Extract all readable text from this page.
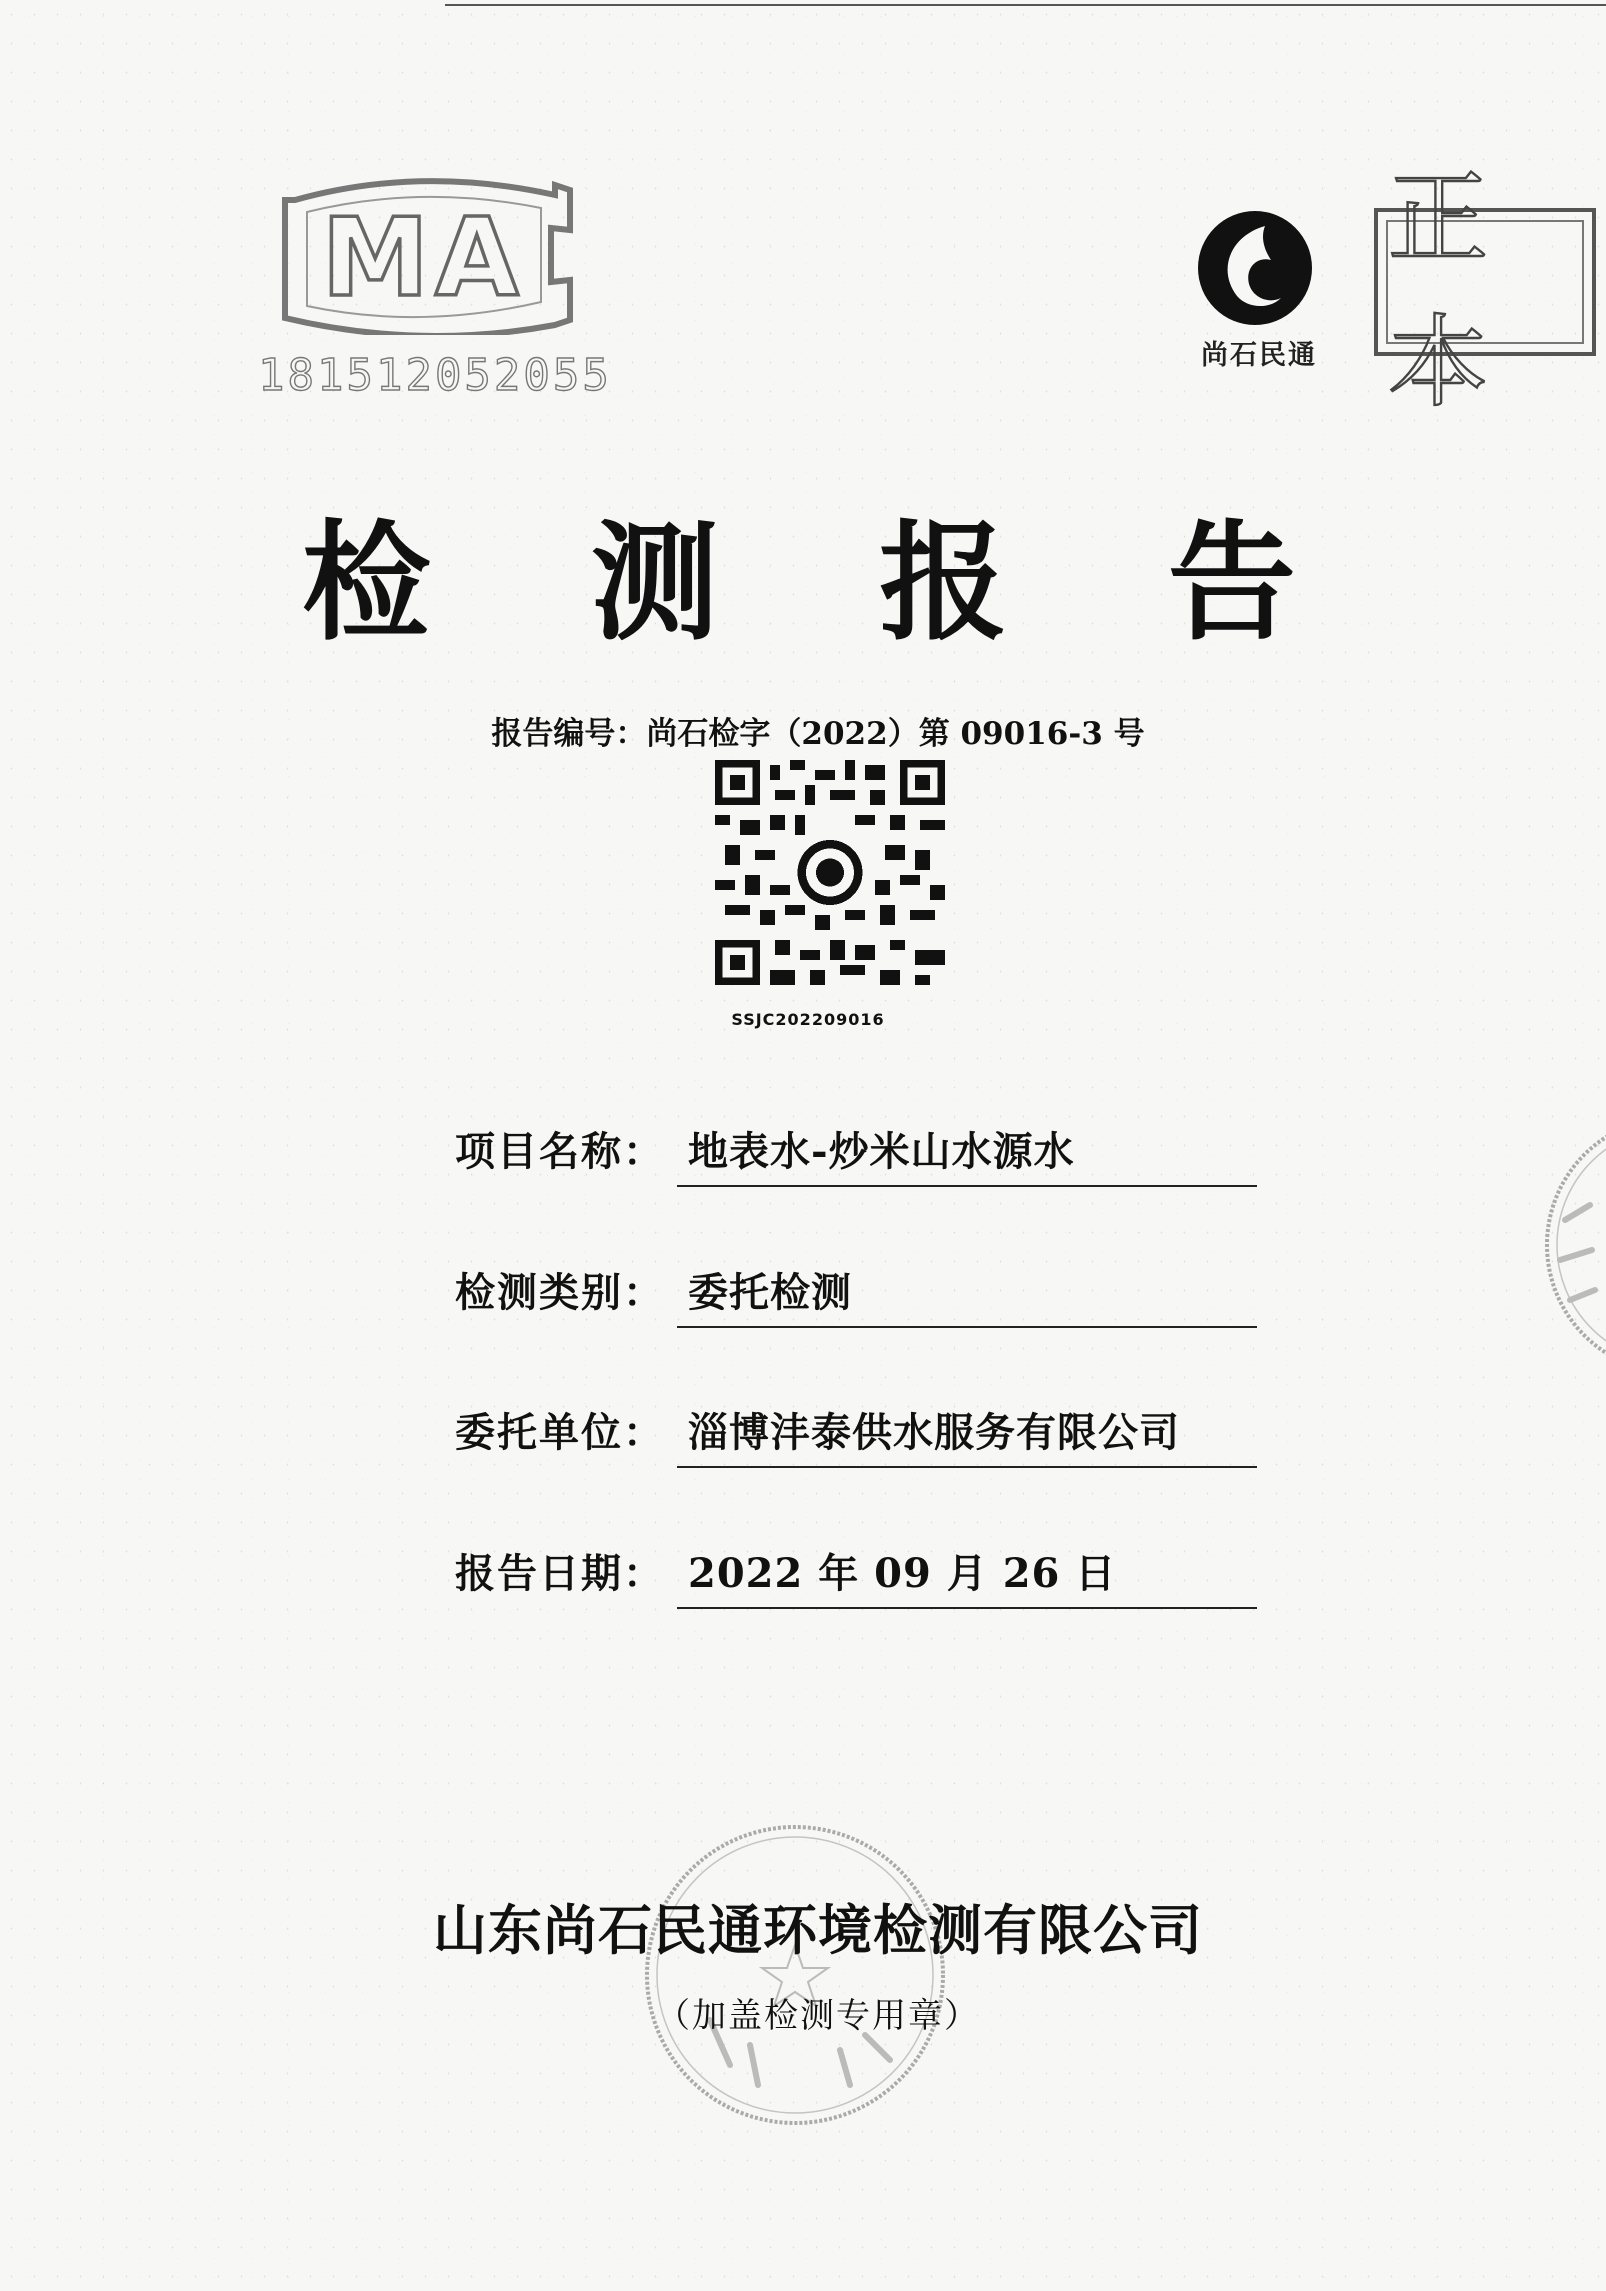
MA
181512052055	尚石民通
正本
检 测 报 告
报告编号：尚石检字（2022）第 09016-3 号
SSJC202209016
项目名称： 地表水-炒米山水源水
检测类别： 委托检测
委托单位： 淄博沣泰供水服务有限公司
报告日期： 2022 年 09 月 26 日
山东尚石民通环境检测有限公司
（加盖检测专用章）
